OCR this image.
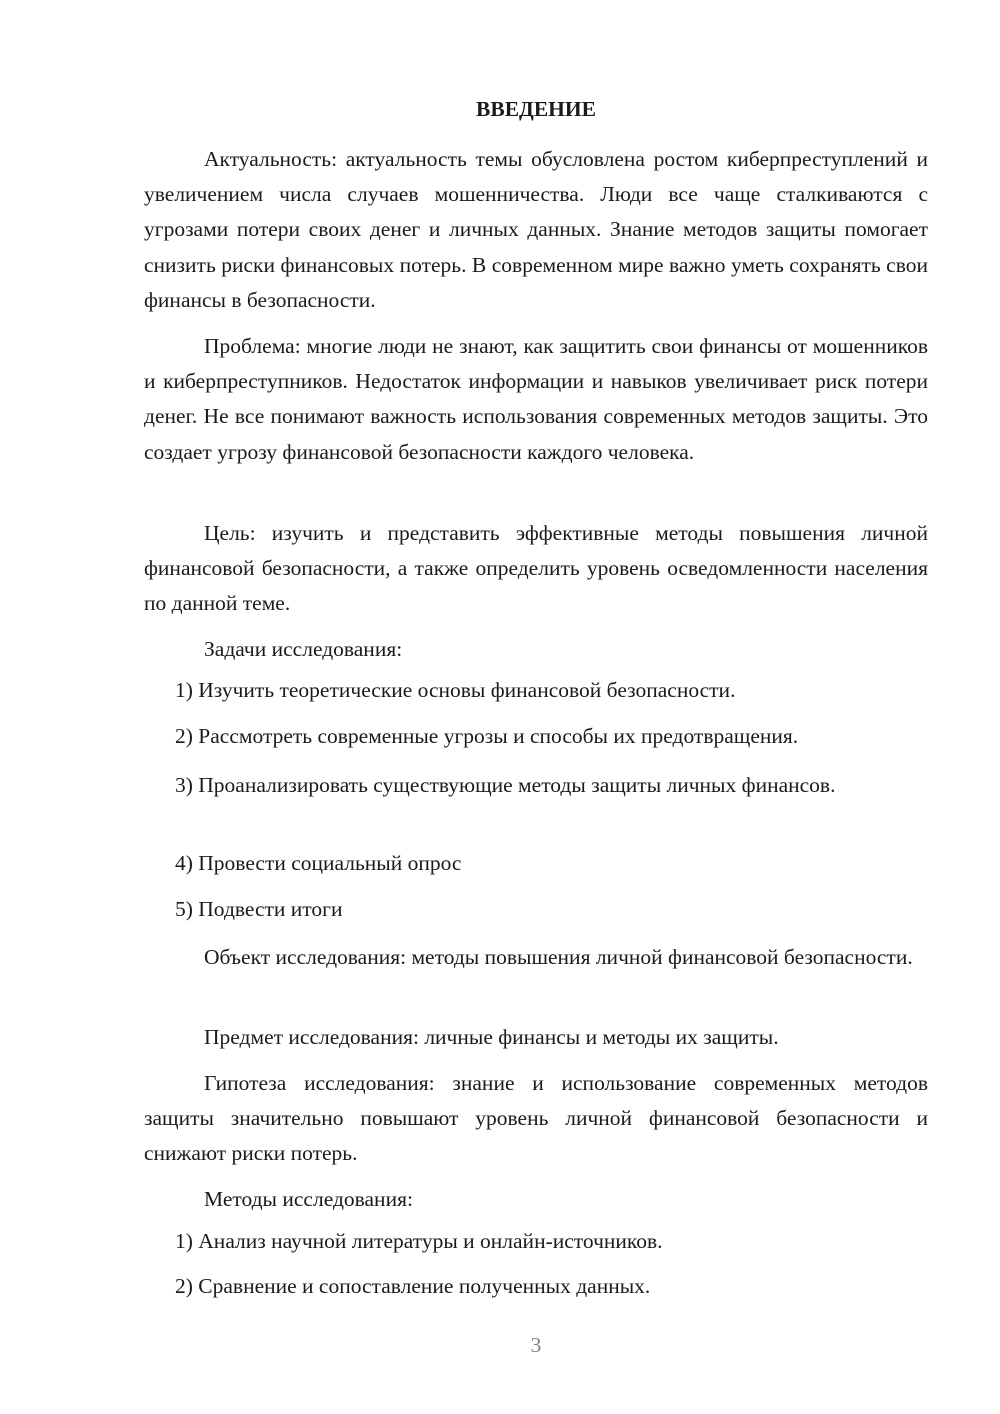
ВВЕДЕНИЕ

Актуальность: актуальность темы обусловлена ростом киберпреступлений и увеличением числа случаев мошенничества. Люди все чаще сталкиваются с угрозами потери своих денег и личных данных. Знание методов защиты помогает снизить риски финансовых потерь. В современном мире важно уметь сохранять свои финансы в безопасности.

Проблема: многие люди не знают, как защитить свои финансы от мошенников и киберпреступников. Недостаток информации и навыков увеличивает риск потери денег. Не все понимают важность использования современных методов защиты. Это создает угрозу финансовой безопасности каждого человека.

Цель: изучить и представить эффективные методы повышения личной финансовой безопасности, а также определить уровень осведомленности населения по данной теме.

Задачи исследования:

1) Изучить теоретические основы финансовой безопасности.

2) Рассмотреть современные угрозы и способы их предотвращения.

3) Проанализировать существующие методы защиты личных финансов.

4) Провести социальный опрос

5) Подвести итоги

Объект исследования: методы повышения личной финансовой безопасности.

Предмет исследования: личные финансы и методы их защиты.

Гипотеза исследования: знание и использование современных методов защиты значительно повышают уровень личной финансовой безопасности и снижают риски потерь.

Методы исследования:

1) Анализ научной литературы и онлайн-источников.

2) Сравнение и сопоставление полученных данных.

3
